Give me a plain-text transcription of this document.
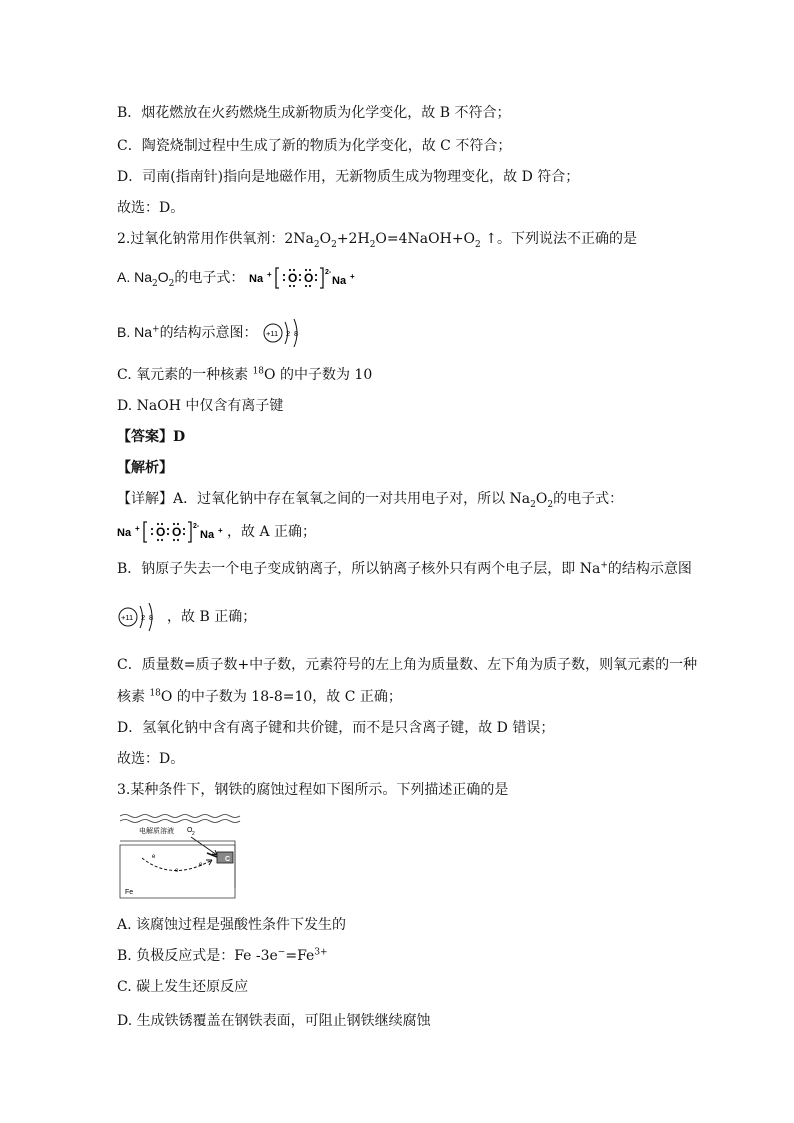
B．烟花燃放在火药燃烧生成新物质为化学变化，故 B 不符合；
C．陶瓷烧制过程中生成了新的物质为化学变化，故 C 不符合；
D．司南(指南针)指向是地磁作用，无新物质生成为物理变化，故 D 符合；
故选：D。
2.过氧化钠常用作供氧剂：$2Na_2O_2+2H_2O=4NaOH+O_2$ ↑。下列说法不正确的是
A. $Na_2O_2$的电子式： Na + O O 2-
Na +
B. Na+的结构示意图： +11 2 8
C. 氧元素的一种核素 $^{18}$O 的中子数为 10
D. NaOH 中仅含有离子键
【答案】D
【解析】
【详解】A．过氧化钠中存在氧氧之间的一对共用电子对，所以 $Na_2O_2$的电子式：
Na + O O 2-
Na + ，故 A 正确；
B．钠原子失去一个电子变成钠离子，所以钠离子核外只有两个电子层，即 Na+的结构示意图
+11 2 8 ，故 B 正确；
C．质量数=质子数+中子数，元素符号的左上角为质量数、左下角为质子数，则氧元素的一种
核素 $^{18}$O 的中子数为 18-8=10，故 C 正确；
D．氢氧化钠中含有离子键和共价键，而不是只含离子键，故 D 错误；
故选：D。
3.某种条件下，钢铁的腐蚀过程如下图所示。下列描述正确的是
电解质溶液 O 2
C
Fe
e
e
e
A. 该腐蚀过程是强酸性条件下发生的
B. 负极反应式是：Fe $-3e^-=Fe^{3+}$
C. 碳上发生还原反应
D. 生成铁锈覆盖在钢铁表面，可阻止钢铁继续腐蚀
